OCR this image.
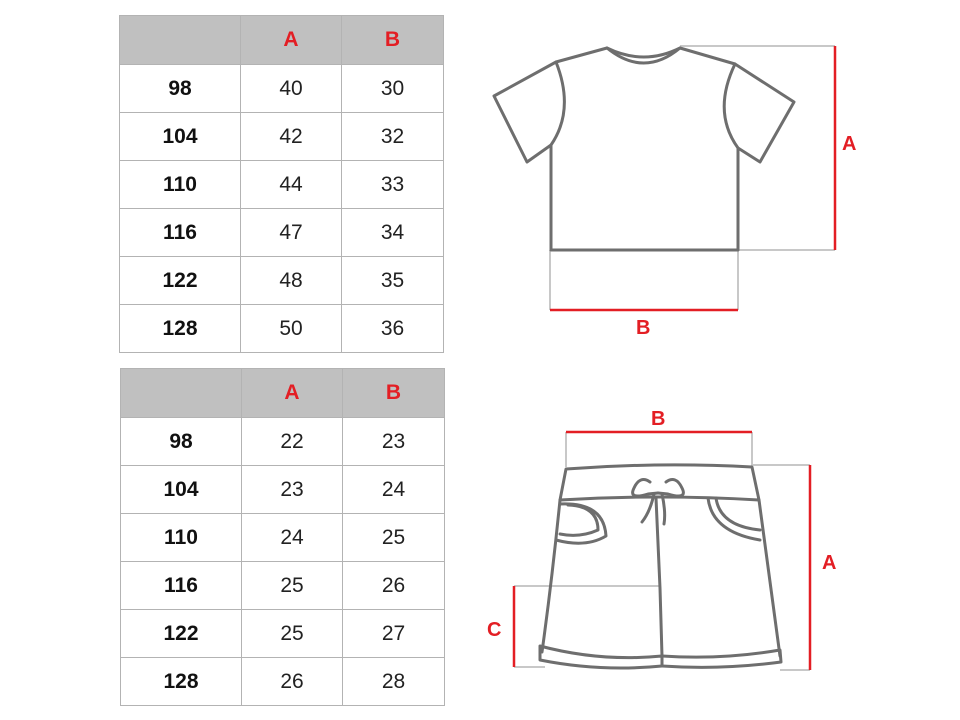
	A	B
98	40	30
104	42	32
110	44	33
116	47	34
122	48	35
128	50	36
	A	B
98	22	23
104	23	24
110	24	25
116	25	26
122	25	27
128	26	28
A
B
B
A
C
